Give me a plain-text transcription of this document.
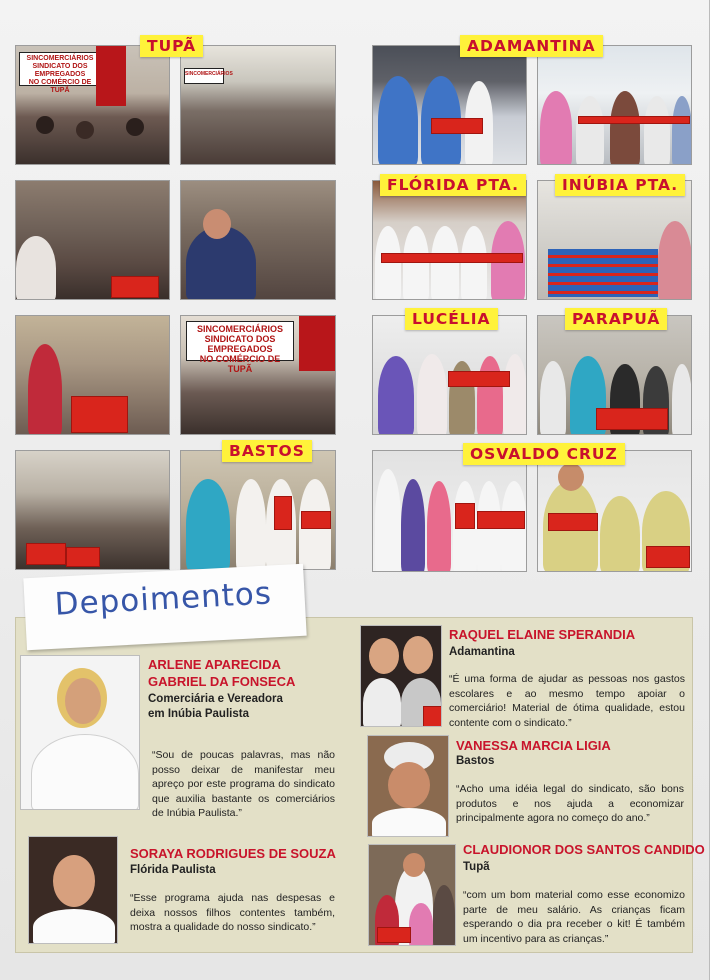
SINCOMERCIÁRIOS
SINDICATO DOS EMPREGADOS
NO COMÉRCIO DE TUPÃ
SINCOMERCIÁRIOS
SINCOMERCIÁRIOS
SINDICATO DOS EMPREGADOS
NO COMÉRCIO DE TUPÃ
TUPÃ	ADAMANTINA
FLÓRIDA PTA.	INÚBIA PTA.
LUCÉLIA	PARAPUÃ
BASTOS	OSVALDO CRUZ
Depoimentos
ARLENE APARECIDA
GABRIEL DA FONSECA
Comerciária e Vereadora
em Inúbia Paulista
“Sou de poucas palavras, mas não posso deixar de manifestar meu apreço por este programa do sindicato que auxilia bastante os comerciários de Inúbia Paulista.”
SORAYA RODRIGUES DE SOUZA
Flórida Paulista
“Esse programa ajuda nas despesas e deixa nossos filhos contentes também, mostra a qualidade do nosso sindicato.”
RAQUEL ELAINE SPERANDIA
Adamantina
“É uma forma de ajudar as pessoas nos gastos escolares e ao mesmo tempo apoiar o comerciário! Material de ótima qualidade, estou contente com o sindicato.”
VANESSA MARCIA LIGIA
Bastos
“Acho uma idéia legal do sindicato, são bons produtos e nos ajuda a economizar principalmente agora no começo do ano.”
CLAUDIONOR DOS SANTOS CANDIDO
Tupã
“com um bom material como esse economizo parte de meu salário. As crianças ficam esperando o dia pra receber o kit! É também um incentivo para as crianças.”
